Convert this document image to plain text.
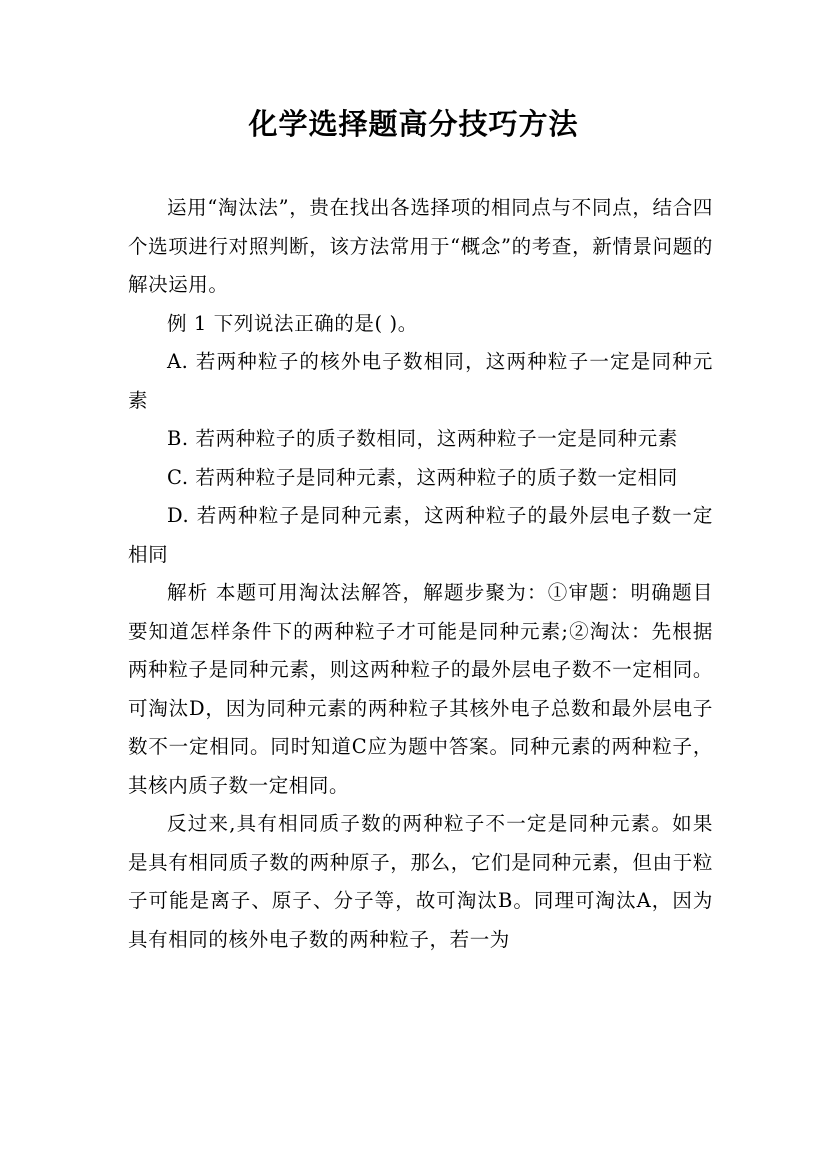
化学选择题高分技巧方法

运用“淘汰法”，贵在找出各选择项的相同点与不同点，结合四个选项进行对照判断，该方法常用于“概念”的考查，新情景问题的解决运用。

例 1 下列说法正确的是( )。

A. 若两种粒子的核外电子数相同，这两种粒子一定是同种元素

B. 若两种粒子的质子数相同，这两种粒子一定是同种元素

C. 若两种粒子是同种元素，这两种粒子的质子数一定相同

D. 若两种粒子是同种元素，这两种粒子的最外层电子数一定相同

解析 本题可用淘汰法解答，解题步聚为：①审题：明确题目要知道怎样条件下的两种粒子才可能是同种元素;②淘汰：先根据两种粒子是同种元素，则这两种粒子的最外层电子数不一定相同。可淘汰D，因为同种元素的两种粒子其核外电子总数和最外层电子数不一定相同。同时知道C应为题中答案。同种元素的两种粒子，其核内质子数一定相同。

反过来,具有相同质子数的两种粒子不一定是同种元素。如果是具有相同质子数的两种原子，那么，它们是同种元素，但由于粒子可能是离子、原子、分子等，故可淘汰B。同理可淘汰A，因为具有相同的核外电子数的两种粒子，若一为
